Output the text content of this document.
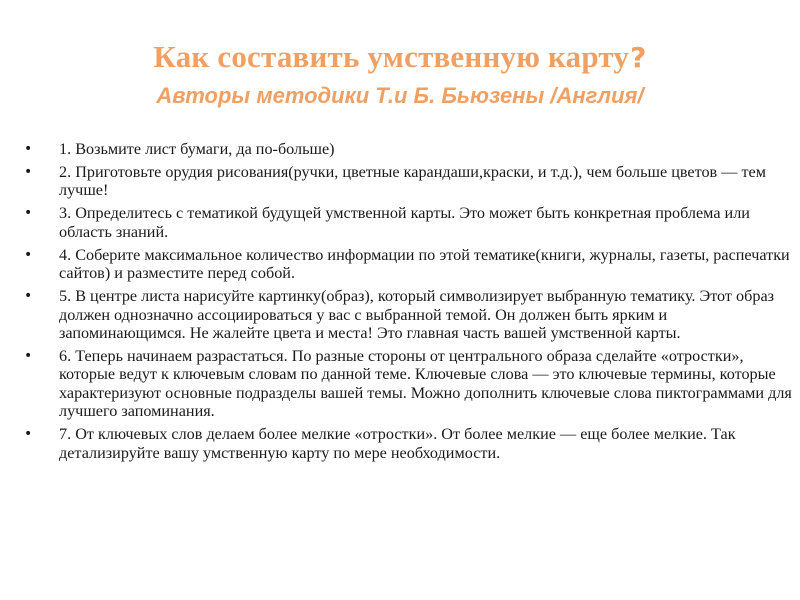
Как составить умственную карту?
Авторы методики Т.и Б. Бьюзены /Англия/
• 1. Возьмите лист бумаги, да по-больше)
• 2. Приготовьте орудия рисования(ручки, цветные карандаши,краски, и т.д.), чем больше цветов — тем лучше!
• 3. Определитесь с тематикой будущей умственной карты. Это может быть конкретная проблема или область знаний.
• 4. Соберите максимальное количество информации по этой тематике(книги, журналы, газеты, распечатки сайтов) и разместите перед собой.
• 5. В центре листа нарисуйте картинку(образ), который символизирует выбранную тематику. Этот образ должен однозначно ассоциироваться у вас с выбранной темой. Он должен быть ярким и запоминающимся. Не жалейте цвета и места! Это главная часть вашей умственной карты.
• 6. Теперь начинаем разрастаться. По разные стороны от центрального образа сделайте «отростки», которые ведут к ключевым словам по данной теме. Ключевые слова — это ключевые термины, которые характеризуют основные подразделы вашей темы. Можно дополнить ключевые слова пиктограммами для лучшего запоминания.
• 7. От ключевых слов делаем более мелкие «отростки». От более мелкие — еще более мелкие. Так детализируйте вашу умственную карту по мере необходимости.
